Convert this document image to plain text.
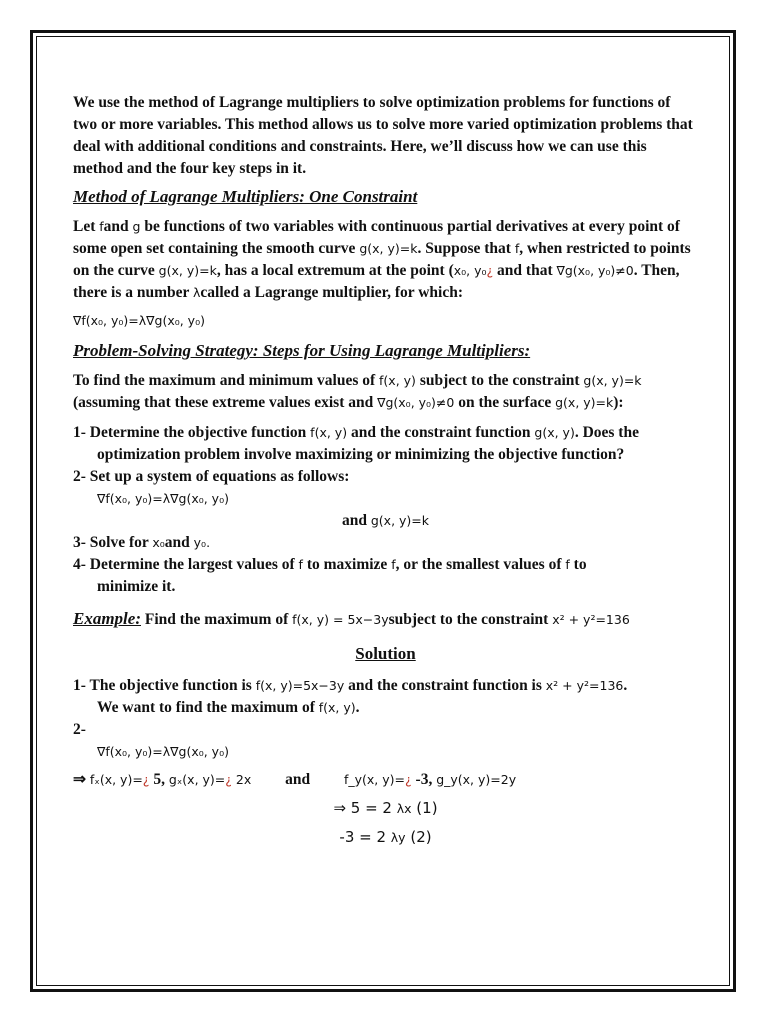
We use the method of Lagrange multipliers to solve optimization problems for functions of two or more variables. This method allows us to solve more varied optimization problems that deal with additional conditions and constraints. Here, we’ll discuss how we can use this method and the four key steps in it.

Method of Lagrange Multipliers: One Constraint

Let fand g be functions of two variables with continuous partial derivatives at every point of some open set containing the smooth curve g(x, y)=k. Suppose that f, when restricted to points on the curve g(x, y)=k, has a local extremum at the point (x₀, y₀¿ and that ∇g(x₀, y₀)≠0. Then, there is a number λcalled a Lagrange multiplier, for which:

∇f(x₀, y₀)=λ∇g(x₀, y₀)

Problem-Solving Strategy: Steps for Using Lagrange Multipliers:

To find the maximum and minimum values of f(x, y) subject to the constraint g(x, y)=k (assuming that these extreme values exist and ∇g(x₀, y₀)≠0 on the surface g(x, y)=k):

1- Determine the objective function f(x, y) and the constraint function g(x, y). Does the

optimization problem involve maximizing or minimizing the objective function?

2- Set up a system of equations as follows:

∇f(x₀, y₀)=λ∇g(x₀, y₀)

and g(x, y)=k

3- Solve for x₀and y₀.

4- Determine the largest values of f to maximize f, or the smallest values of f to

minimize it.

Example: Find the maximum of f(x, y) = 5x−3ysubject to the constraint x² + y²=136

Solution

1- The objective function is f(x, y)=5x−3y and the constraint function is x² + y²=136.

We want to find the maximum of f(x, y).

2-

∇f(x₀, y₀)=λ∇g(x₀, y₀)

⇒ fₓ(x, y)=¿ 5, gₓ(x, y)=¿ 2x and	f_y(x, y)=¿ -3, g_y(x, y)=2y

⇒ 5 = 2 λx (1)

-3 = 2 λy (2)
